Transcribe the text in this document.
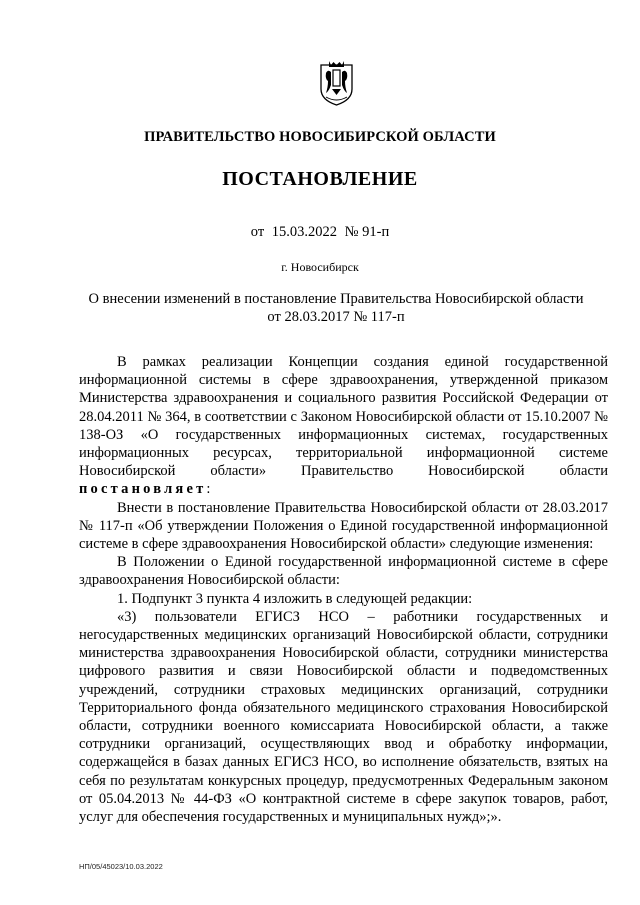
ПРАВИТЕЛЬСТВО НОВОСИБИРСКОЙ ОБЛАСТИ
ПОСТАНОВЛЕНИЕ
от 15.03.2022 № 91-п
г. Новосибирск
О внесении изменений в постановление Правительства Новосибирской области
от 28.03.2017 № 117-п

В рамках реализации Концепции создания единой государственной информационной системы в сфере здравоохранения, утвержденной приказом Министерства здравоохранения и социального развития Российской Федерации от 28.04.2011 № 364, в соответствии с Законом Новосибирской области от 15.10.2007 № 138-ОЗ «О государственных информационных системах, государственных информационных ресурсах, территориальной информационной системе Новосибирской области» Правительство Новосибирской области постановляет:

Внести в постановление Правительства Новосибирской области от 28.03.2017 № 117-п «Об утверждении Положения о Единой государственной информационной системе в сфере здравоохранения Новосибирской области» следующие изменения:

В Положении о Единой государственной информационной системе в сфере здравоохранения Новосибирской области:

1. Подпункт 3 пункта 4 изложить в следующей редакции:

«3) пользователи ЕГИСЗ НСО – работники государственных и негосударственных медицинских организаций Новосибирской области, сотрудники министерства здравоохранения Новосибирской области, сотрудники министерства цифрового развития и связи Новосибирской области и подведомственных учреждений, сотрудники страховых медицинских организаций, сотрудники Территориального фонда обязательного медицинского страхования Новосибирской области, сотрудники военного комиссариата Новосибирской области, а также сотрудники организаций, осуществляющих ввод и обработку информации, содержащейся в базах данных ЕГИСЗ НСО, во исполнение обязательств, взятых на себя по результатам конкурсных процедур, предусмотренных Федеральным законом от 05.04.2013 № 44-ФЗ «О контрактной системе в сфере закупок товаров, работ, услуг для обеспечения государственных и муниципальных нужд»;».

НП/05/45023/10.03.2022
